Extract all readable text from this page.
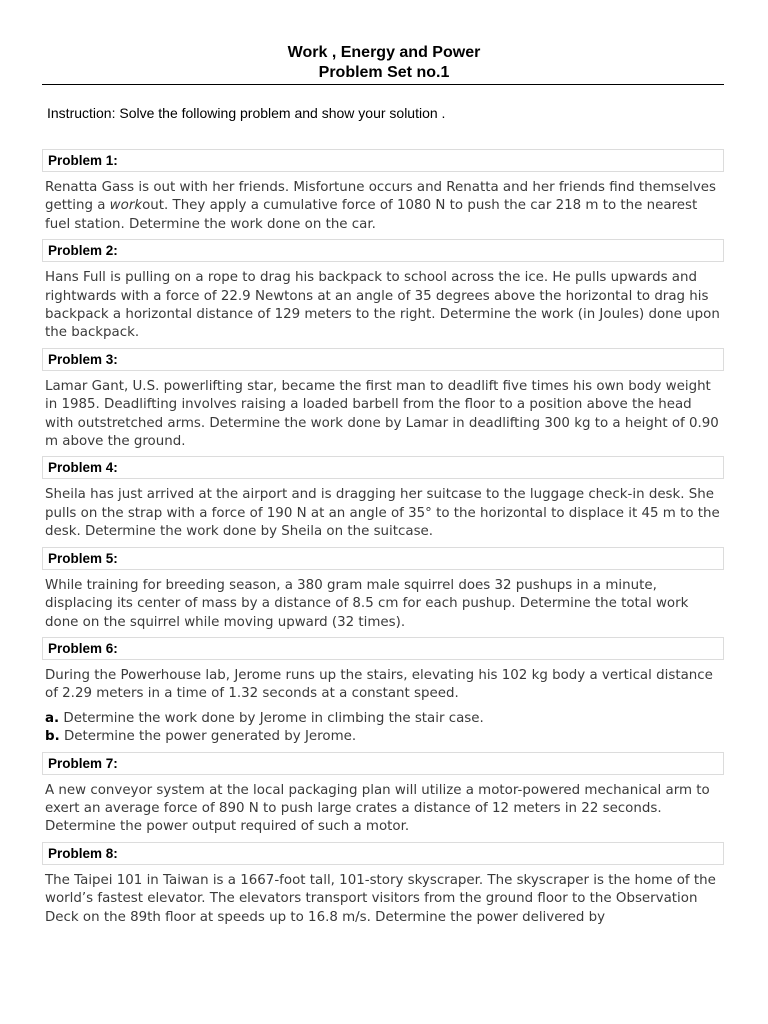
Work , Energy and Power
Problem Set no.1
Instruction: Solve the following problem and show your solution .
Problem 1:

Renatta Gass is out with her friends. Misfortune occurs and Renatta and her friends find themselves getting a workout. They apply a cumulative force of 1080 N to push the car 218 m to the nearest fuel station. Determine the work done on the car.

Problem 2:

Hans Full is pulling on a rope to drag his backpack to school across the ice. He pulls upwards and rightwards with a force of 22.9 Newtons at an angle of 35 degrees above the horizontal to drag his backpack a horizontal distance of 129 meters to the right. Determine the work (in Joules) done upon the backpack.

Problem 3:

Lamar Gant, U.S. powerlifting star, became the first man to deadlift five times his own body weight in 1985. Deadlifting involves raising a loaded barbell from the floor to a position above the head with outstretched arms. Determine the work done by Lamar in deadlifting 300 kg to a height of 0.90 m above the ground.

Problem 4:

Sheila has just arrived at the airport and is dragging her suitcase to the luggage check-in desk. She pulls on the strap with a force of 190 N at an angle of 35° to the horizontal to displace it 45 m to the desk. Determine the work done by Sheila on the suitcase.

Problem 5:

While training for breeding season, a 380 gram male squirrel does 32 pushups in a minute, displacing its center of mass by a distance of 8.5 cm for each pushup. Determine the total work done on the squirrel while moving upward (32 times).

Problem 6:

During the Powerhouse lab, Jerome runs up the stairs, elevating his 102 kg body a vertical distance of 2.29 meters in a time of 1.32 seconds at a constant speed.

a. Determine the work done by Jerome in climbing the stair case.
b. Determine the power generated by Jerome.
Problem 7:

A new conveyor system at the local packaging plan will utilize a motor-powered mechanical arm to exert an average force of 890 N to push large crates a distance of 12 meters in 22 seconds. Determine the power output required of such a motor.

Problem 8:

The Taipei 101 in Taiwan is a 1667-foot tall, 101-story skyscraper. The skyscraper is the home of the world’s fastest elevator. The elevators transport visitors from the ground floor to the Observation Deck on the 89th floor at speeds up to 16.8 m/s. Determine the power delivered by
